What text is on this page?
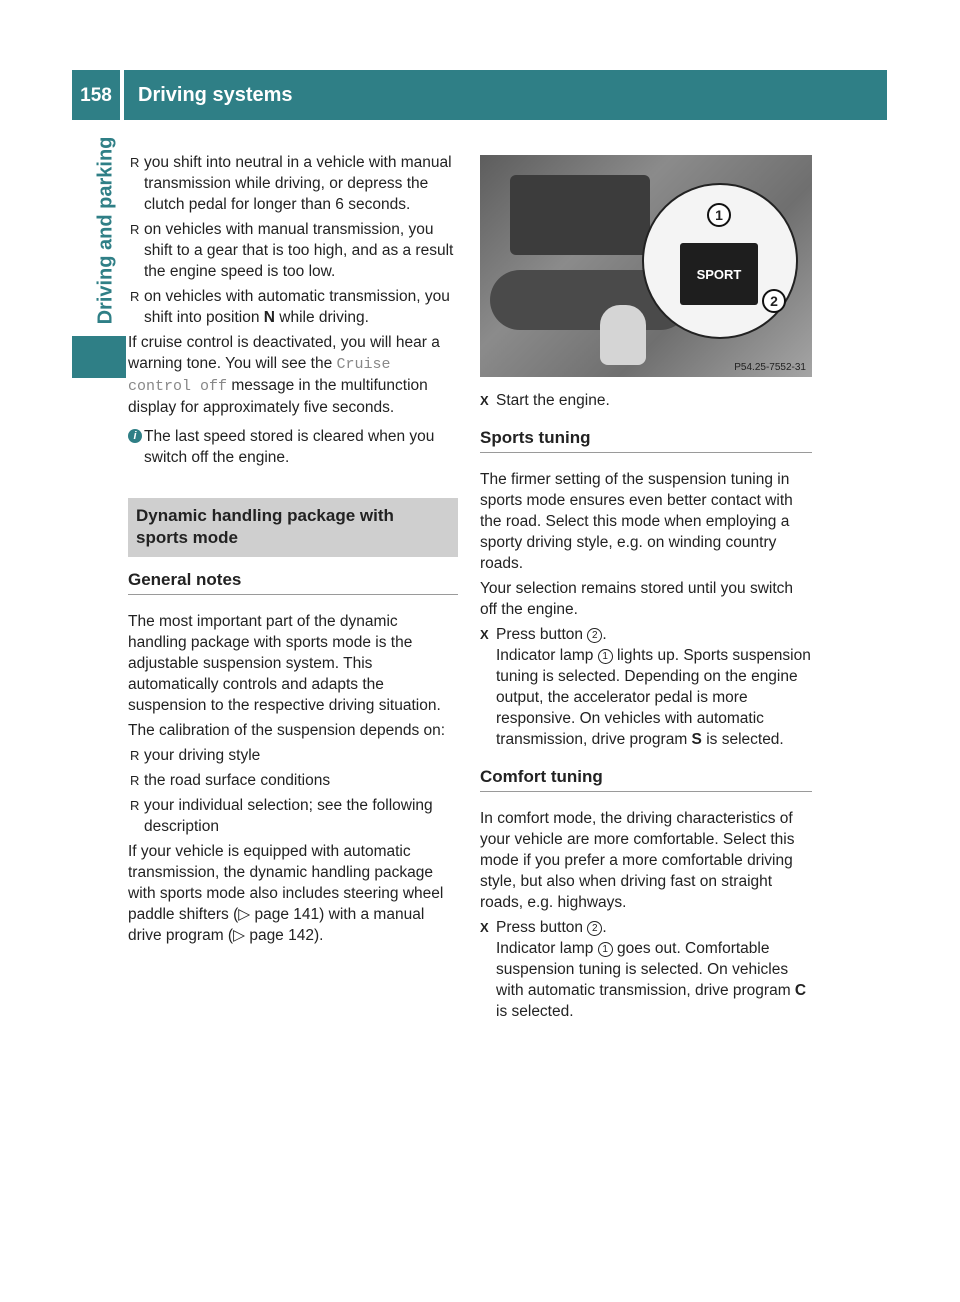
158	Driving systems
Driving and parking
R	you shift into neutral in a vehicle with manual transmission while driving, or depress the clutch pedal for longer than 6 seconds.
R on vehicles with manual transmission, you shift to a gear that is too high, and as a result the engine speed is too low.
R on vehicles with automatic transmission, you shift into position N while driving.

If cruise control is deactivated, you will hear a warning tone. You will see the Cruise control off message in the multifunction display for approximately five seconds.

i The last speed stored is cleared when you switch off the engine.
Dynamic handling package with sports mode
General notes

The most important part of the dynamic handling package with sports mode is the adjustable suspension system. This automatically controls and adapts the suspension to the respective driving situation.

The calibration of the suspension depends on:

R your driving style
R the road surface conditions
R your individual selection; see the following description

If your vehicle is equipped with automatic transmission, the dynamic handling package with sports mode also includes steering wheel paddle shifters (▷ page 141) with a manual drive program (▷ page 142).

SPORT
1
2
P54.25-7552-31
X Start the engine.
Sports tuning

The firmer setting of the suspension tuning in sports mode ensures even better contact with the road. Select this mode when employing a sporty driving style, e.g. on winding country roads.

Your selection remains stored until you switch off the engine.

X Press button 2 .
Indicator lamp 1 lights up. Sports suspension tuning is selected. Depending on the engine output, the accelerator pedal is more responsive. On vehicles with automatic transmission, drive program S is selected.
Comfort tuning

In comfort mode, the driving characteristics of your vehicle are more comfortable. Select this mode if you prefer a more comfortable driving style, but also when driving fast on straight roads, e.g. highways.

X Press button 2 .
Indicator lamp 1 goes out. Comfortable suspension tuning is selected. On vehicles with automatic transmission, drive program C is selected.
